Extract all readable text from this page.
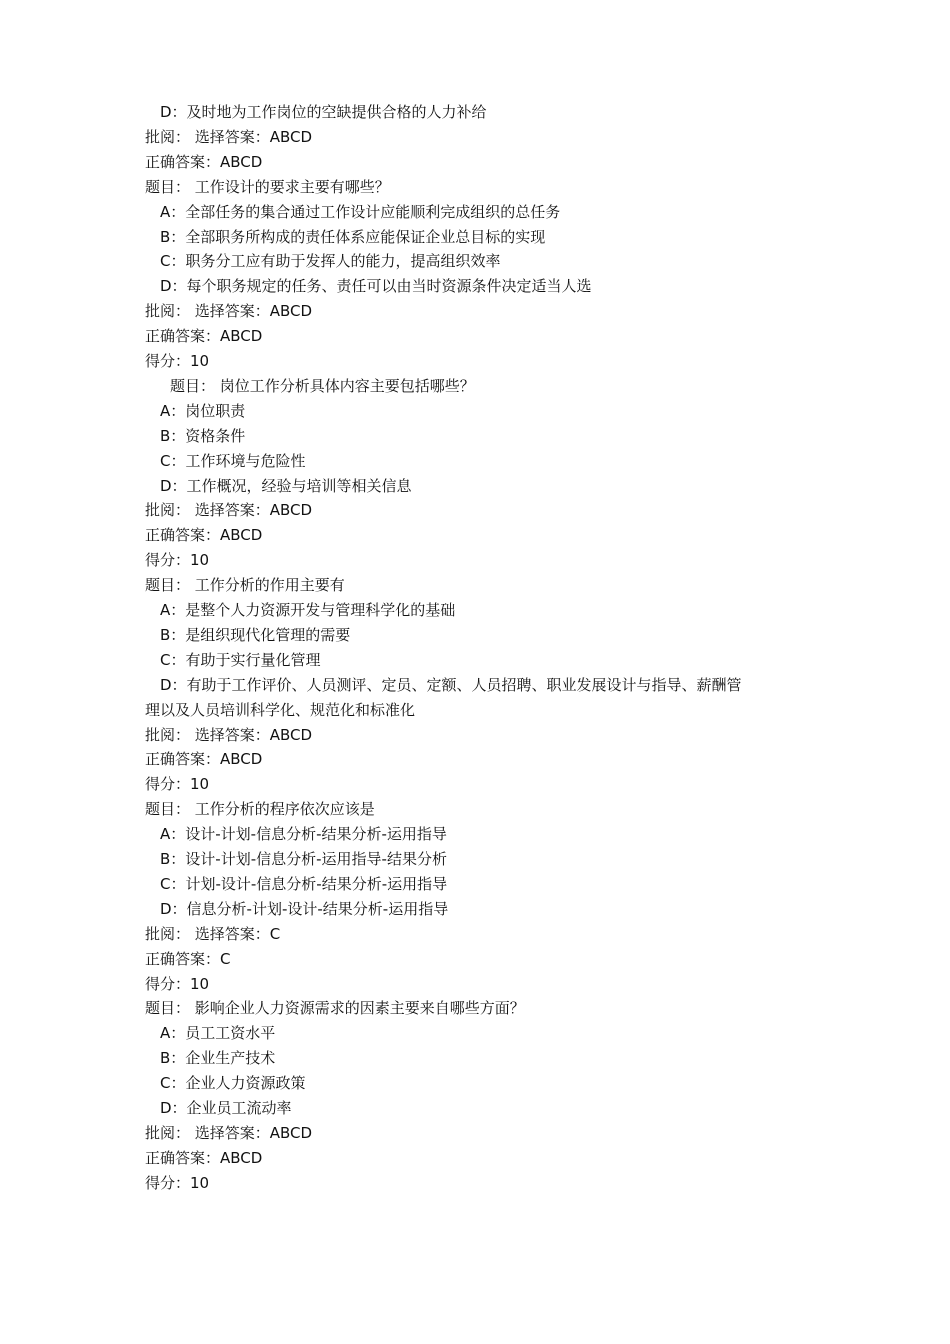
D：及时地为工作岗位的空缺提供合格的人力补给
批阅： 选择答案：ABCD
正确答案：ABCD
题目： 工作设计的要求主要有哪些？
A：全部任务的集合通过工作设计应能顺利完成组织的总任务
B：全部职务所构成的责任体系应能保证企业总目标的实现
C：职务分工应有助于发挥人的能力，提高组织效率
D：每个职务规定的任务、责任可以由当时资源条件决定适当人选
批阅： 选择答案：ABCD
正确答案：ABCD
得分：10
题目： 岗位工作分析具体内容主要包括哪些？
A：岗位职责
B：资格条件
C：工作环境与危险性
D：工作概况，经验与培训等相关信息
批阅： 选择答案：ABCD
正确答案：ABCD
得分：10
题目： 工作分析的作用主要有
A：是整个人力资源开发与管理科学化的基础
B：是组织现代化管理的需要
C：有助于实行量化管理
D：有助于工作评价、人员测评、定员、定额、人员招聘、职业发展设计与指导、薪酬管
理以及人员培训科学化、规范化和标准化
批阅： 选择答案：ABCD
正确答案：ABCD
得分：10
题目： 工作分析的程序依次应该是
A：设计-计划-信息分析-结果分析-运用指导
B：设计-计划-信息分析-运用指导-结果分析
C：计划-设计-信息分析-结果分析-运用指导
D：信息分析-计划-设计-结果分析-运用指导
批阅： 选择答案：C
正确答案：C
得分：10
题目： 影响企业人力资源需求的因素主要来自哪些方面？
A：员工工资水平
B：企业生产技术
C：企业人力资源政策
D：企业员工流动率
批阅： 选择答案：ABCD
正确答案：ABCD
得分：10
